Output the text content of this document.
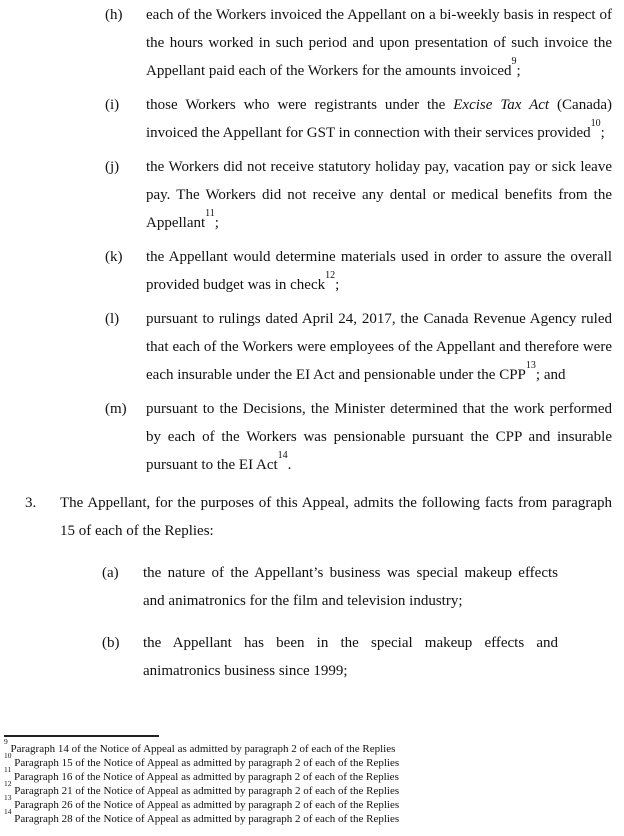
(h)	each of the Workers invoiced the Appellant on a bi-weekly basis in respect of the hours worked in such period and upon presentation of such invoice the Appellant paid each of the Workers for the amounts invoiced$^9$;
(i)	those Workers who were registrants under the Excise Tax Act (Canada) invoiced the Appellant for GST in connection with their services provided$^{10}$;
(j)	the Workers did not receive statutory holiday pay, vacation pay or sick leave pay. The Workers did not receive any dental or medical benefits from the Appellant$^{11}$;
(k)	the Appellant would determine materials used in order to assure the overall provided budget was in check$^{12}$;
(l)	pursuant to rulings dated April 24, 2017, the Canada Revenue Agency ruled that each of the Workers were employees of the Appellant and therefore were each insurable under the EI Act and pensionable under the CPP$^{13}$; and
(m)	pursuant to the Decisions, the Minister determined that the work performed by each of the Workers was pensionable pursuant the CPP and insurable pursuant to the EI Act$^{14}$.
3. The Appellant, for the purposes of this Appeal, admits the following facts from paragraph 15 of each of the Replies:
(a)	the nature of the Appellant’s business was special makeup effects and animatronics for the film and television industry;
(b)	the Appellant has been in the special makeup effects and animatronics business since 1999;
$^9$ Paragraph 14 of the Notice of Appeal as admitted by paragraph 2 of each of the Replies
$^{10}$ Paragraph 15 of the Notice of Appeal as admitted by paragraph 2 of each of the Replies
$^{11}$ Paragraph 16 of the Notice of Appeal as admitted by paragraph 2 of each of the Replies
$^{12}$ Paragraph 21 of the Notice of Appeal as admitted by paragraph 2 of each of the Replies
$^{13}$ Paragraph 26 of the Notice of Appeal as admitted by paragraph 2 of each of the Replies
$^{14}$ Paragraph 28 of the Notice of Appeal as admitted by paragraph 2 of each of the Replies
